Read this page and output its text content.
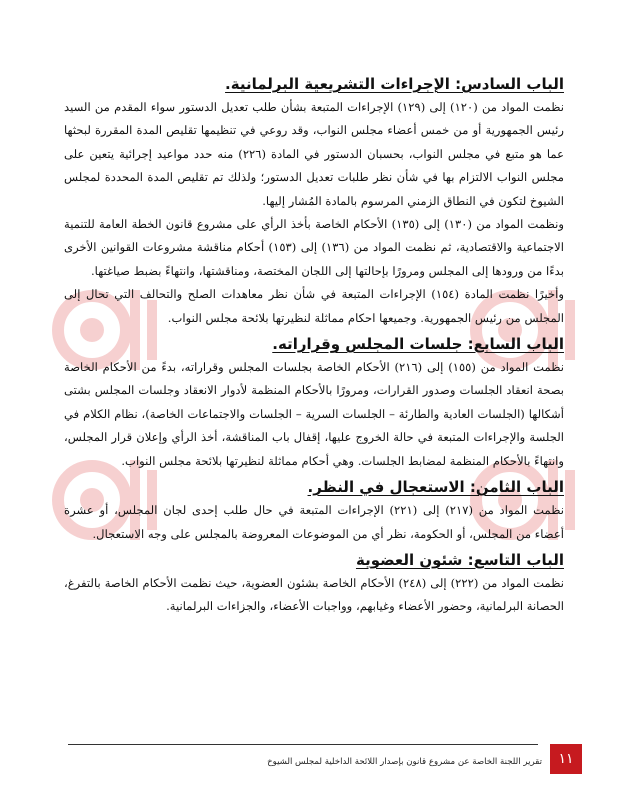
الباب السادس: الإجراءات التشريعية البرلمانية.

نظمت المواد من (١٢٠) إلى (١٢٩) الإجراءات المتبعة بشأن طلب تعديل الدستور سواء المقدم من السيد رئيس الجمهورية أو من خمس أعضاء مجلس النواب، وقد روعي في تنظيمها تقليص المدة المقررة لبحثها عما هو متبع في مجلس النواب، بحسبان الدستور في المادة (٢٢٦) منه حدد مواعيد إجرائية يتعين على مجلس النواب الالتزام بها في شأن نظر طلبات تعديل الدستور؛ ولذلك تم تقليص المدة المحددة لمجلس الشيوخ لتكون في النطاق الزمني المرسوم بالمادة المُشار إليها.

ونظمت المواد من (١٣٠) إلى (١٣٥) الأحكام الخاصة بأخذ الرأي على مشروع قانون الخطة العامة للتنمية الاجتماعية والاقتصادية، ثم نظمت المواد من (١٣٦) إلى (١٥٣) أحكام مناقشة مشروعات القوانين الأخرى بدءًا من ورودها إلى المجلس ومرورًا بإحالتها إلى اللجان المختصة، ومناقشتها، وانتهاءً بضبط صياغتها.

وأخيرًا نظمت المادة (١٥٤) الإجراءات المتبعة في شأن نظر معاهدات الصلح والتحالف التي تحال إلى المجلس من رئيس الجمهورية. وجميعها احكام مماثلة لنظيرتها بلائحة مجلس النواب.

الباب السابع: جلسات المجلس وقراراته.

نظمت المواد من (١٥٥) إلى (٢١٦) الأحكام الخاصة بجلسات المجلس وقراراته، بدءً من الأحكام الخاصة بصحة انعقاد الجلسات وصدور القرارات، ومرورًا بالأحكام المنظمة لأدوار الانعقاد وجلسات المجلس بشتى أشكالها (الجلسات العادية والطارئة – الجلسات السرية – الجلسات والاجتماعات الخاصة)، نظام الكلام في الجلسة والإجراءات المتبعة في حالة الخروج عليها، إقفال باب المناقشة، أخذ الرأي وإعلان قرار المجلس، وانتهاءً بالأحكام المنظمة لمضابط الجلسات. وهي أحكام مماثلة لنظيرتها بلائحة مجلس النواب.

الباب الثامن: الاستعجال في النظر.

نظمت المواد من (٢١٧) إلى (٢٢١) الإجراءات المتبعة في حال طلب إحدى لجان المجلس، أو عشرة أعضاء من المجلس، أو الحكومة، نظر أي من الموضوعات المعروضة بالمجلس على وجه الاستعجال.

الباب التاسع: شئون العضوية

نظمت المواد من (٢٢٢) إلى (٢٤٨) الأحكام الخاصة بشئون العضوية، حيث نظمت الأحكام الخاصة بالتفرغ، الحصانة البرلمانية، وحضور الأعضاء وغيابهم، وواجبات الأعضاء، والجزاءات البرلمانية.

١١
تقرير اللجنة الخاصة عن مشروع قانون بإصدار اللائحة الداخلية لمجلس الشيوخ
